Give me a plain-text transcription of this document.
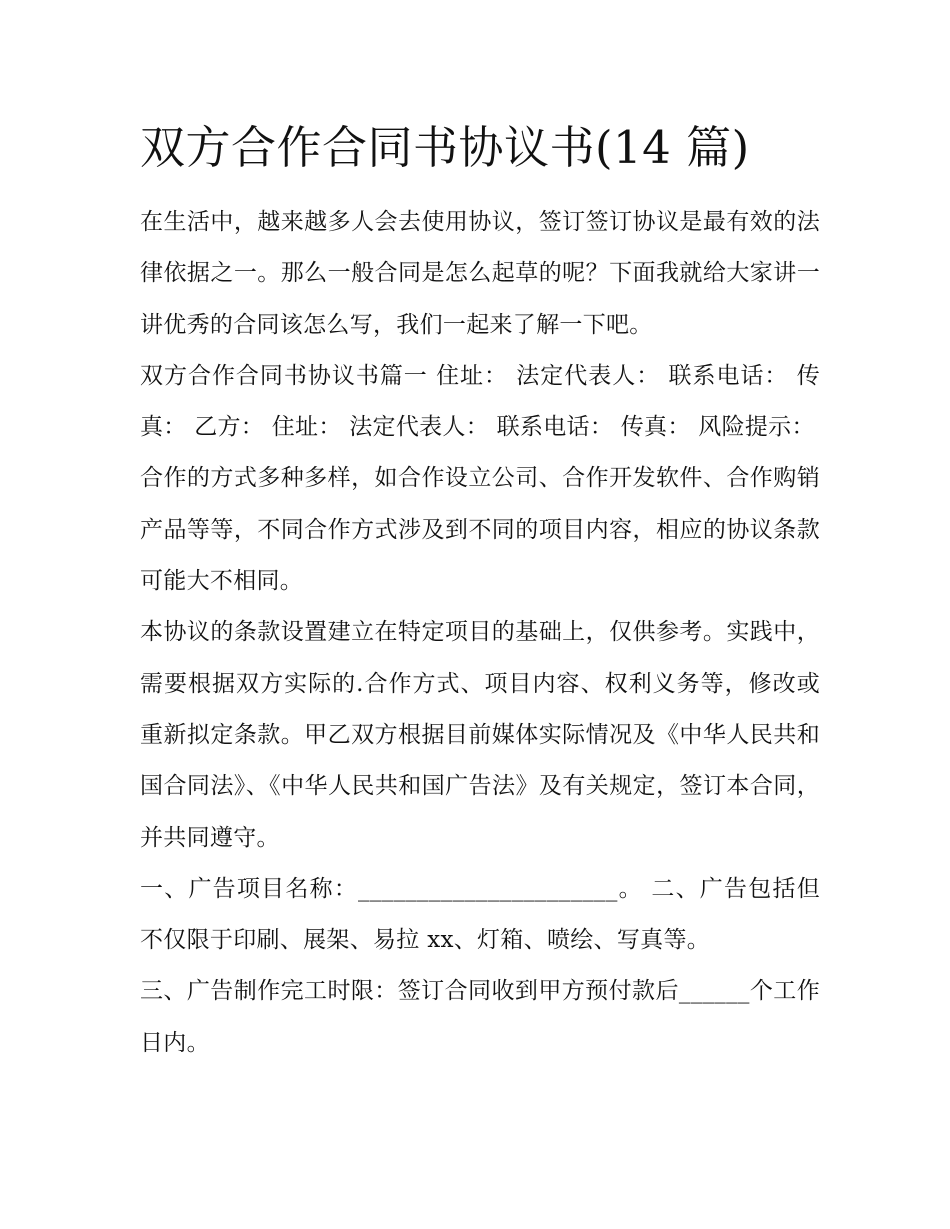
双方合作合同书协议书(14 篇)

在生活中，越来越多人会去使用协议，签订签订协议是最有效的法律依据之一。那么一般合同是怎么起草的呢？下面我就给大家讲一讲优秀的合同该怎么写，我们一起来了解一下吧。

双方合作合同书协议书篇一 住址： 法定代表人： 联系电话： 传真： 乙方： 住址： 法定代表人： 联系电话： 传真： 风险提示：

合作的方式多种多样，如合作设立公司、合作开发软件、合作购销产品等等，不同合作方式涉及到不同的项目内容，相应的协议条款可能大不相同。

本协议的条款设置建立在特定项目的基础上，仅供参考。实践中，需要根据双方实际的.合作方式、项目内容、权利义务等，修改或重新拟定条款。甲乙双方根据目前媒体实际情况及《中华人民共和国合同法》、《中华人民共和国广告法》及有关规定，签订本合同，并共同遵守。

一、广告项目名称：______________________。 二、广告包括但不仅限于印刷、展架、易拉 xx、灯箱、喷绘、写真等。

三、广告制作完工时限：签订合同收到甲方预付款后______个工作日内。
